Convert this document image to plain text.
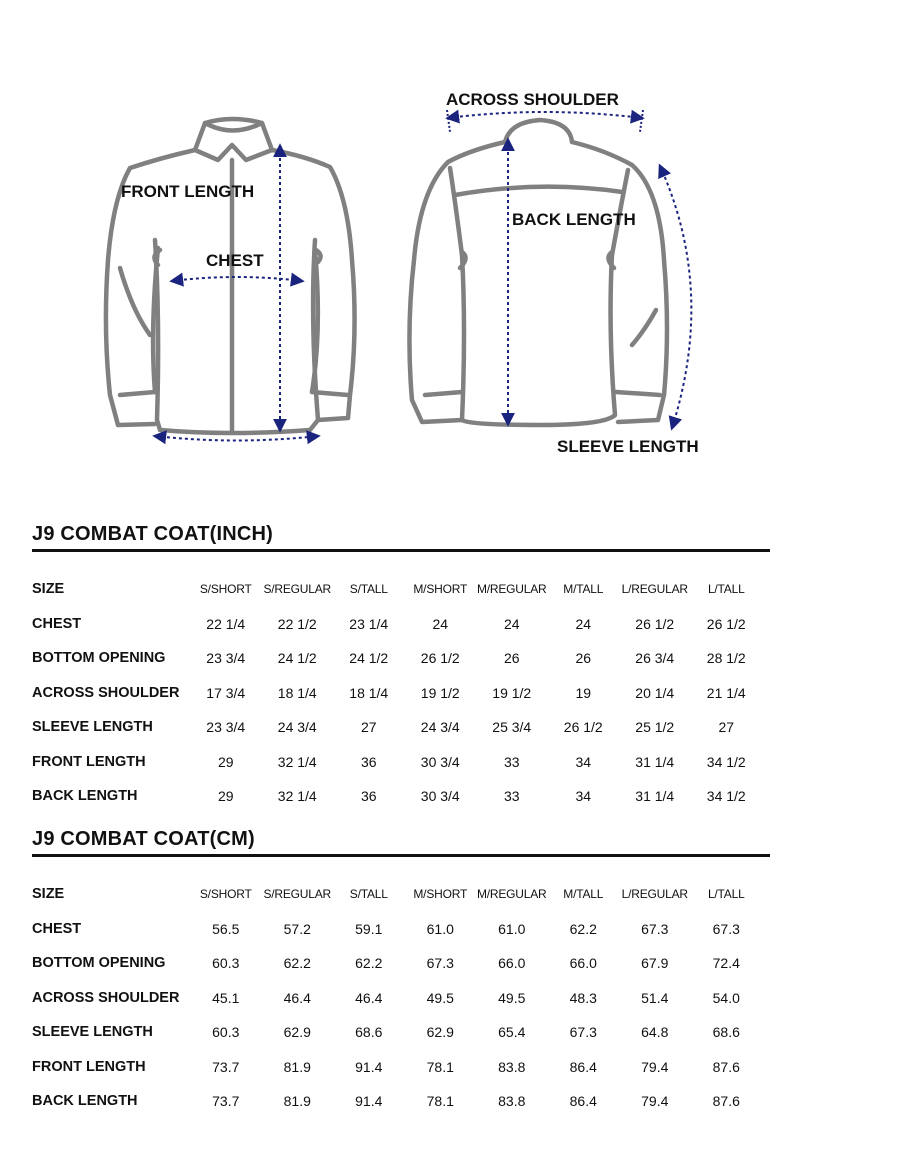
FRONT LENGTH
CHEST
ACROSS SHOULDER
BACK LENGTH
SLEEVE LENGTH
J9 COMBAT COAT(INCH)
SIZE	S/SHORT	S/REGULAR	S/TALL	M/SHORT	M/REGULAR	M/TALL	L/REGULAR	L/TALL
CHEST	22 1/4	22 1/2	23 1/4	24	24	24	26 1/2	26 1/2
BOTTOM OPENING	23 3/4	24 1/2	24 1/2	26 1/2	26	26	26 3/4	28 1/2
ACROSS SHOULDER	17 3/4	18 1/4	18 1/4	19 1/2	19 1/2	19	20 1/4	21 1/4
SLEEVE LENGTH	23 3/4	24 3/4	27	24 3/4	25 3/4	26 1/2	25 1/2	27
FRONT LENGTH	29	32 1/4	36	30 3/4	33	34	31 1/4	34 1/2
BACK LENGTH	29	32 1/4	36	30 3/4	33	34	31 1/4	34 1/2
J9 COMBAT COAT(CM)
SIZE	S/SHORT	S/REGULAR	S/TALL	M/SHORT	M/REGULAR	M/TALL	L/REGULAR	L/TALL
CHEST	56.5	57.2	59.1	61.0	61.0	62.2	67.3	67.3
BOTTOM OPENING	60.3	62.2	62.2	67.3	66.0	66.0	67.9	72.4
ACROSS SHOULDER	45.1	46.4	46.4	49.5	49.5	48.3	51.4	54.0
SLEEVE LENGTH	60.3	62.9	68.6	62.9	65.4	67.3	64.8	68.6
FRONT LENGTH	73.7	81.9	91.4	78.1	83.8	86.4	79.4	87.6
BACK LENGTH	73.7	81.9	91.4	78.1	83.8	86.4	79.4	87.6
